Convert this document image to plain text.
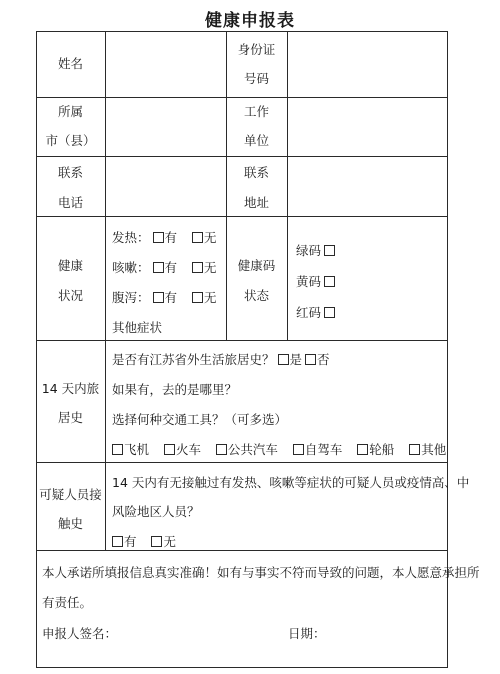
健康申报表
姓名
身份证
号码
所属
市（县）
工作
单位
联系
电话
联系
地址
健康
状况
发热： 有 无
咳嗽： 有 无
腹泻： 有 无
其他症状
健康码
状态
绿码
黄码
红码
14 天内旅
居史
是否有江苏省外生活旅居史？ 是 否
如果有，去的是哪里？
选择何种交通工具？（可多选）
飞机 火车 公共汽车 自驾车 轮船 其他
可疑人员接
触史
14 天内有无接触过有发热、咳嗽等症状的可疑人员或疫情高、中
风险地区人员？
有 无
本人承诺所填报信息真实准确！如有与事实不符而导致的问题，本人愿意承担所
有责任。
申报人签名：	日期：
